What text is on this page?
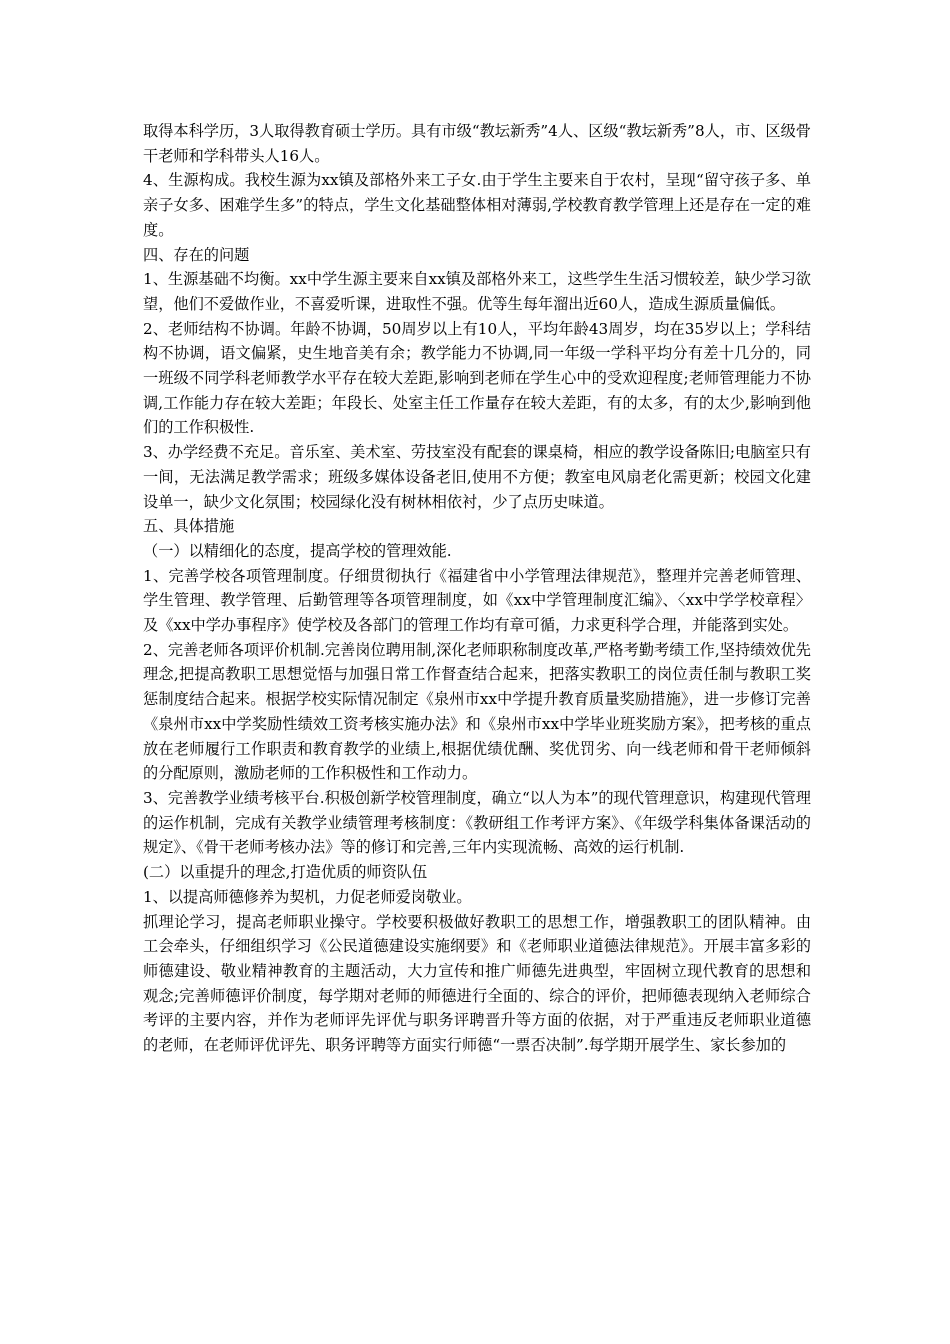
取得本科学历，3人取得教育硕士学历。具有市级“教坛新秀”4人、区级“教坛新秀”8人，市、区级骨干老师和学科带头人16人。

4、生源构成。我校生源为xx镇及部格外来工子女.由于学生主要来自于农村，呈现“留守孩子多、单亲子女多、困难学生多”的特点，学生文化基础整体相对薄弱,学校教育教学管理上还是存在一定的难度。

四、存在的问题

1、生源基础不均衡。xx中学生源主要来自xx镇及部格外来工，这些学生生活习惯较差，缺少学习欲望，他们不爱做作业，不喜爱听课，进取性不强。优等生每年溜出近60人，造成生源质量偏低。

2、老师结构不协调。年龄不协调，50周岁以上有10人，平均年龄43周岁，均在35岁以上；学科结构不协调，语文偏紧，史生地音美有余；教学能力不协调,同一年级一学科平均分有差十几分的，同一班级不同学科老师教学水平存在较大差距,影响到老师在学生心中的受欢迎程度;老师管理能力不协调,工作能力存在较大差距；年段长、处室主任工作量存在较大差距，有的太多，有的太少,影响到他们的工作积极性.

3、办学经费不充足。音乐室、美术室、劳技室没有配套的课桌椅，相应的教学设备陈旧;电脑室只有一间，无法满足教学需求；班级多媒体设备老旧,使用不方便；教室电风扇老化需更新；校园文化建设单一，缺少文化氛围；校园绿化没有树林相依衬，少了点历史味道。

五、具体措施

（一）以精细化的态度，提高学校的管理效能.

1、完善学校各项管理制度。仔细贯彻执行《福建省中小学管理法律规范》，整理并完善老师管理、学生管理、教学管理、后勤管理等各项管理制度，如《xx中学管理制度汇编》、〈xx中学学校章程〉及《xx中学办事程序》使学校及各部门的管理工作均有章可循，力求更科学合理，并能落到实处。

2、完善老师各项评价机制.完善岗位聘用制,深化老师职称制度改革,严格考勤考绩工作,坚持绩效优先理念,把提高教职工思想觉悟与加强日常工作督查结合起来，把落实教职工的岗位责任制与教职工奖惩制度结合起来。根据学校实际情况制定《泉州市xx中学提升教育质量奖励措施》，进一步修订完善《泉州市xx中学奖励性绩效工资考核实施办法》和《泉州市xx中学毕业班奖励方案》，把考核的重点放在老师履行工作职责和教育教学的业绩上,根据优绩优酬、奖优罚劣、向一线老师和骨干老师倾斜的分配原则，激励老师的工作积极性和工作动力。

3、完善教学业绩考核平台.积极创新学校管理制度，确立“以人为本”的现代管理意识，构建现代管理的运作机制，完成有关教学业绩管理考核制度：《教研组工作考评方案》、《年级学科集体备课活动的规定》、《骨干老师考核办法》等的修订和完善,三年内实现流畅、高效的运行机制.

(二）以重提升的理念,打造优质的师资队伍

1、以提高师德修养为契机，力促老师爱岗敬业。

抓理论学习，提高老师职业操守。学校要积极做好教职工的思想工作，增强教职工的团队精神。由工会牵头，仔细组织学习《公民道德建设实施纲要》和《老师职业道德法律规范》。开展丰富多彩的师德建设、敬业精神教育的主题活动，大力宣传和推广师德先进典型，牢固树立现代教育的思想和观念;完善师德评价制度，每学期对老师的师德进行全面的、综合的评价，把师德表现纳入老师综合考评的主要内容，并作为老师评先评优与职务评聘晋升等方面的依据，对于严重违反老师职业道德的老师，在老师评优评先、职务评聘等方面实行师德“一票否决制”.每学期开展学生、家长参加的
